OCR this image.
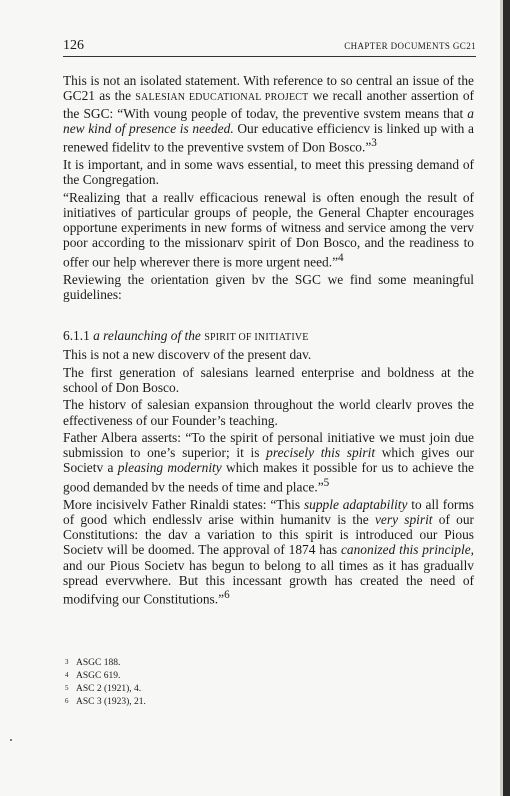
126	CHAPTER DOCUMENTS GC21

This is not an isolated statement. With reference to so central an issue of the GC21 as the SALESIAN EDUCATIONAL PROJECT we recall another assertion of the SGC: “With voung people of todav, the preventive svstem means that a new kind of presence is needed. Our educative efficiencv is linked up with a renewed fidelitv to the preventive svstem of Don Bosco.”$^3$

It is important, and in some wavs essential, to meet this pressing demand of the Congregation.

“Realizing that a reallv efficacious renewal is often enough the result of initiatives of particular groups of people, the General Chapter encourages opportune experiments in new forms of witness and service among the verv poor according to the missionarv spirit of Don Bosco, and the readiness to offer our help wherever there is more urgent need.”$^4$

Reviewing the orientation given bv the SGC we find some meaningful guidelines:

6.1.1 a relaunching of the SPIRIT OF INITIATIVE

This is not a new discoverv of the present dav.

The first generation of salesians learned enterprise and boldness at the school of Don Bosco.

The historv of salesian expansion throughout the world clearlv proves the effectiveness of our Founder’s teaching.

Father Albera asserts: “To the spirit of personal initiative we must join due submission to one’s superior; it is precisely this spirit which gives our Societv a pleasing modernity which makes it possible for us to achieve the good demanded bv the needs of time and place.”$^5$

More incisivelv Father Rinaldi states: “This supple adaptability to all forms of good which endlesslv arise within humanitv is the very spirit of our Constitutions: the dav a variation to this spirit is introduced our Pious Societv will be doomed. The approval of 1874 has canonized this principle, and our Pious Societv has begun to belong to all times as it has graduallv spread evervwhere. But this incessant growth has created the need of modifving our Constitutions.”$^6$

3 ASGC 188.
4 ASGC 619.
5 ASC 2 (1921), 4.
6 ASC 3 (1923), 21.
